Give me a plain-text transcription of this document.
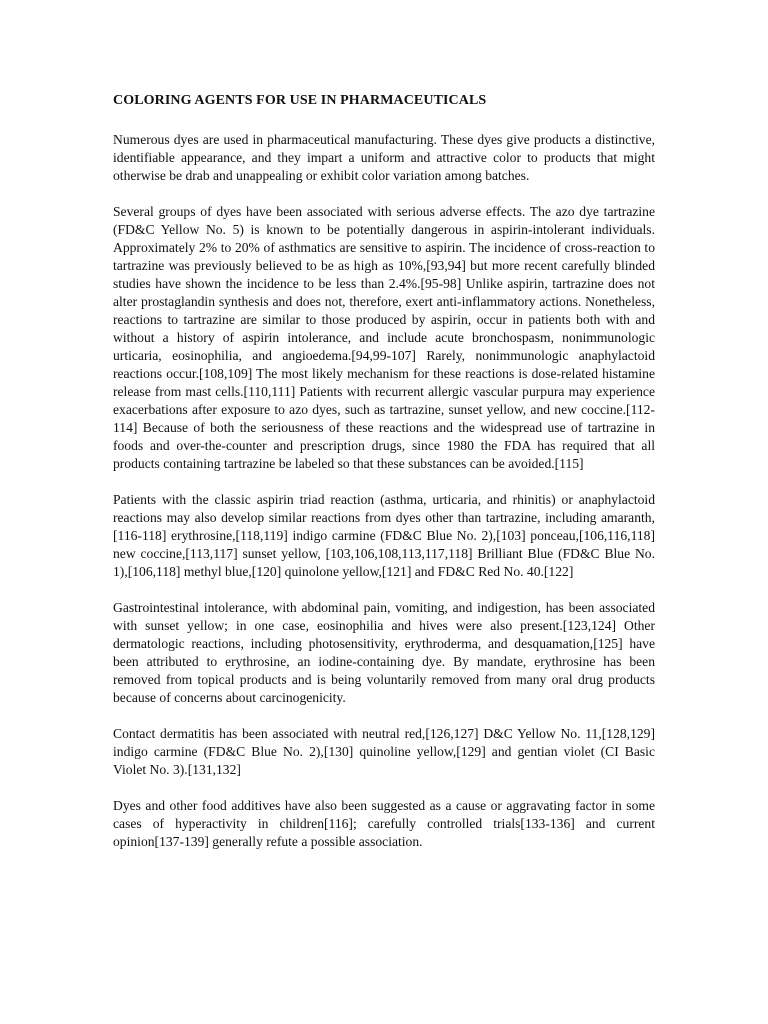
COLORING AGENTS FOR USE IN PHARMACEUTICALS

Numerous dyes are used in pharmaceutical manufacturing. These dyes give products a distinctive, identifiable appearance, and they impart a uniform and attractive color to products that might otherwise be drab and unappealing or exhibit color variation among batches.

Several groups of dyes have been associated with serious adverse effects. The azo dye tartrazine (FD&C Yellow No. 5) is known to be potentially dangerous in aspirin-intolerant individuals. Approximately 2% to 20% of asthmatics are sensitive to aspirin. The incidence of cross-reaction to tartrazine was previously believed to be as high as 10%,[93,94] but more recent carefully blinded studies have shown the incidence to be less than 2.4%.[95-98] Unlike aspirin, tartrazine does not alter prostaglandin synthesis and does not, therefore, exert anti-inflammatory actions. Nonetheless, reactions to tartrazine are similar to those produced by aspirin, occur in patients both with and without a history of aspirin intolerance, and include acute bronchospasm, nonimmunologic urticaria, eosinophilia, and angioedema.[94,99-107] Rarely, nonimmunologic anaphylactoid reactions occur.[108,109] The most likely mechanism for these reactions is dose-related histamine release from mast cells.[110,111] Patients with recurrent allergic vascular purpura may experience exacerbations after exposure to azo dyes, such as tartrazine, sunset yellow, and new coccine.[112-114] Because of both the seriousness of these reactions and the widespread use of tartrazine in foods and over-the-counter and prescription drugs, since 1980 the FDA has required that all products containing tartrazine be labeled so that these substances can be avoided.[115]

Patients with the classic aspirin triad reaction (asthma, urticaria, and rhinitis) or anaphylactoid reactions may also develop similar reactions from dyes other than tartrazine, including amaranth,[116-118] erythrosine,[118,119] indigo carmine (FD&C Blue No. 2),[103] ponceau,[106,116,118] new coccine,[113,117] sunset yellow, [103,106,108,113,117,118] Brilliant Blue (FD&C Blue No. 1),[106,118] methyl blue,[120] quinolone yellow,[121] and FD&C Red No. 40.[122]

Gastrointestinal intolerance, with abdominal pain, vomiting, and indigestion, has been associated with sunset yellow; in one case, eosinophilia and hives were also present.[123,124] Other dermatologic reactions, including photosensitivity, erythroderma, and desquamation,[125] have been attributed to erythrosine, an iodine-containing dye. By mandate, erythrosine has been removed from topical products and is being voluntarily removed from many oral drug products because of concerns about carcinogenicity.

Contact dermatitis has been associated with neutral red,[126,127] D&C Yellow No. 11,[128,129] indigo carmine (FD&C Blue No. 2),[130] quinoline yellow,[129] and gentian violet (CI Basic Violet No. 3).[131,132]

Dyes and other food additives have also been suggested as a cause or aggravating factor in some cases of hyperactivity in children[116]; carefully controlled trials[133-136] and current opinion[137-139] generally refute a possible association.
